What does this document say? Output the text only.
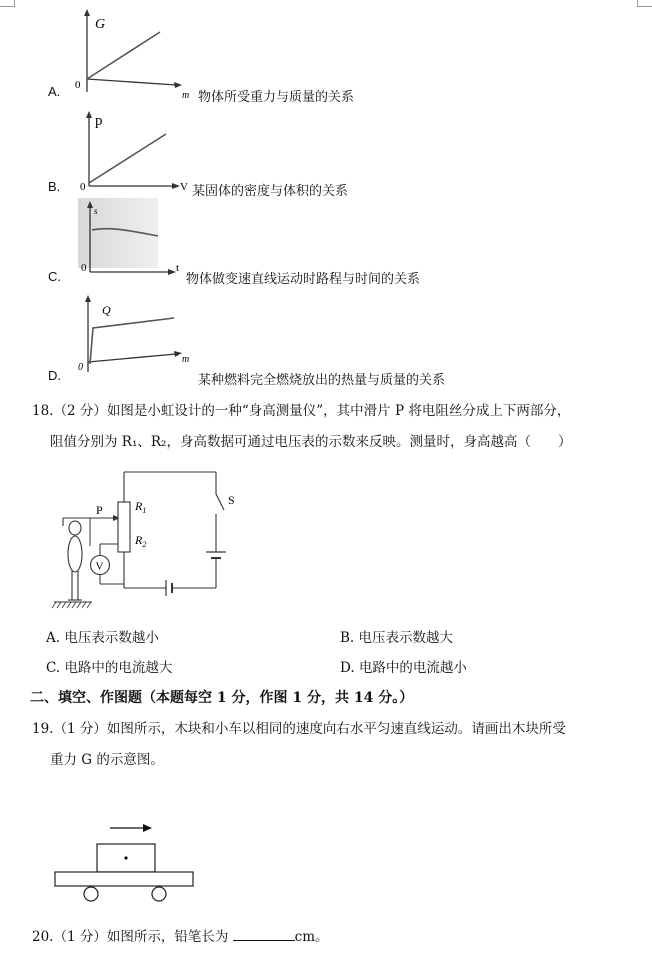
A.
G
0
m 物体所受重力与质量的关系
B.
p
0	V 某固体的密度与体积的关系
C.
s
0	t
物体做变速直线运动时路程与时间的关系
D.
Q
0
m
某种燃料完全燃烧放出的热量与质量的关系
18.（2 分）如图是小虹设计的一种“身高测量仪”，其中滑片 P 将电阻丝分成上下两部分，
阻值分别为 R₁、R₂，身高数据可通过电压表的示数来反映。测量时，身高越高（　　）
P
V
$R_1$
$R_2$
S
A. 电压表示数越小	B. 电压表示数越大
C. 电路中的电流越大	D. 电路中的电流越小
二、填空、作图题（本题每空 1 分，作图 1 分，共 14 分。）
19.（1 分）如图所示，木块和小车以相同的速度向右水平匀速直线运动。请画出木块所受
重力 G 的示意图。
20.（1 分）如图所示，铅笔长为	cm。
